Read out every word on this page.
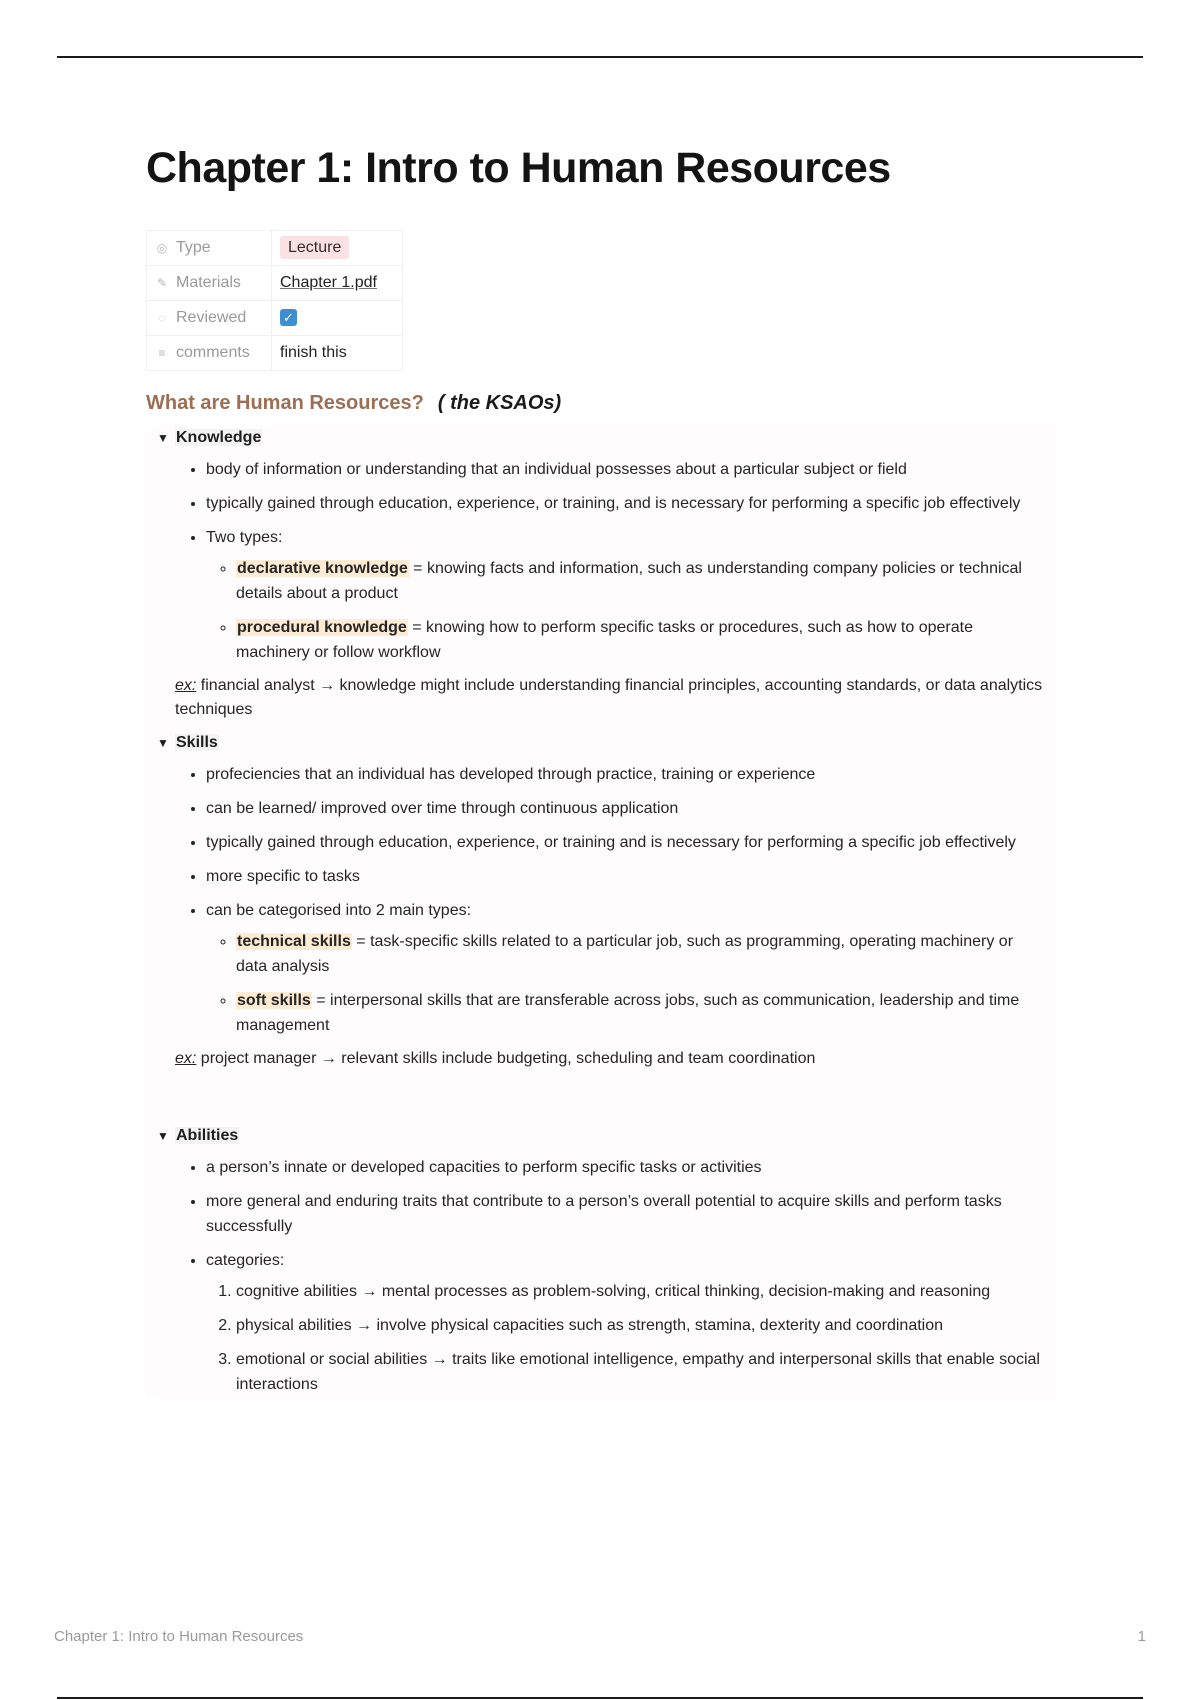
Chapter 1: Intro to Human Resources
◎ Type	Lecture
✎ Materials	Chapter 1.pdf
◌ Reviewed	✓
≡ comments	finish this
What are Human Resources? ( the KSAOs)
▼ Knowledge
• body of information or understanding that an individual possesses about a particular subject or field
• typically gained through education, experience, or training, and is necessary for performing a specific job effectively
• Two types:
◦ declarative knowledge = knowing facts and information, such as understanding company policies or technical details about a product
◦ procedural knowledge = knowing how to perform specific tasks or procedures, such as how to operate machinery or follow workflow

ex: financial analyst → knowledge might include understanding financial principles, accounting standards, or data analytics techniques

▼ Skills
• profeciencies that an individual has developed through practice, training or experience
• can be learned/ improved over time through continuous application
• typically gained through education, experience, or training and is necessary for performing a specific job effectively
• more specific to tasks
• can be categorised into 2 main types:
◦ technical skills = task-specific skills related to a particular job, such as programming, operating machinery or data analysis
◦ soft skills = interpersonal skills that are transferable across jobs, such as communication, leadership and time management

ex: project manager → relevant skills include budgeting, scheduling and team coordination

▼ Abilities
• a person’s innate or developed capacities to perform specific tasks or activities
• more general and enduring traits that contribute to a person’s overall potential to acquire skills and perform tasks successfully
• categories:
1. cognitive abilities → mental processes as problem-solving, critical thinking, decision-making and reasoning
2. physical abilities → involve physical capacities such as strength, stamina, dexterity and coordination
3. emotional or social abilities → traits like emotional intelligence, empathy and interpersonal skills that enable social interactions
Chapter 1: Intro to Human Resources	1
